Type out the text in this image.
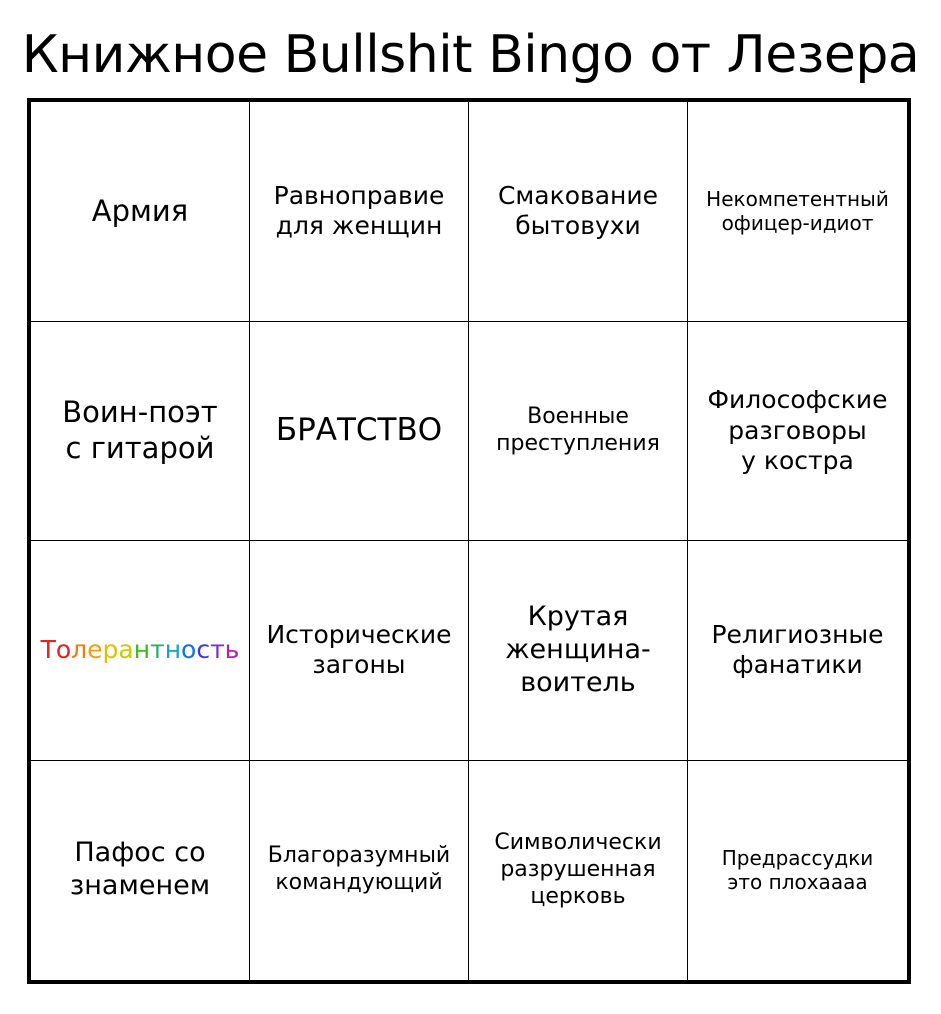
Книжное Bullshit Bingo от Лезера
Армия	Равноправие
для женщин
Смакование
бытовухи
Некомпетентный
офицер-идиот
Воин-поэт
с гитарой БРАТСТВО	Военные
преступления
Философские
разговоры
у костра
Толерантность
Исторические
загоны
Крутая
женщина-
воитель
Религиозные
фанатики
Пафос со
знаменем
Благоразумный
командующий
Символически
разрушенная
церковь
Предрассудки
это плохаааа
